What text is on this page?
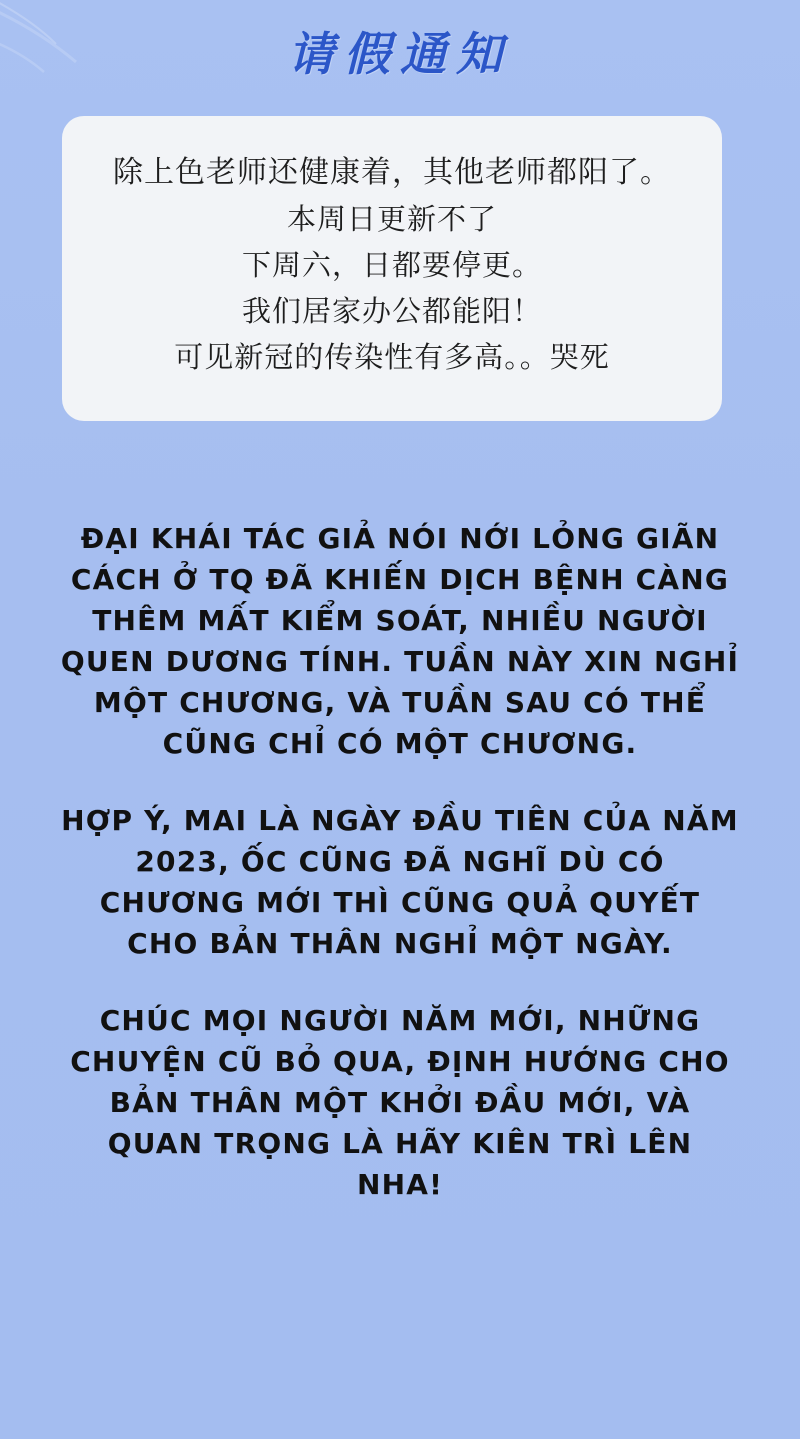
请假通知
除上色老师还健康着，其他老师都阳了。
本周日更新不了
下周六，日都要停更。
我们居家办公都能阳！
可见新冠的传染性有多高。。哭死
ĐẠI KHÁI TÁC GIẢ NÓI NỚI LỎNG GIÃN CÁCH Ở TQ ĐÃ KHIẾN DỊCH BỆNH CÀNG THÊM MẤT KIỂM SOÁT, NHIỀU NGƯỜI QUEN DƯƠNG TÍNH. TUẦN NÀY XIN NGHỈ MỘT CHƯƠNG, VÀ TUẦN SAU CÓ THỂ CŨNG CHỈ CÓ MỘT CHƯƠNG.
HỢP Ý, MAI LÀ NGÀY ĐẦU TIÊN CỦA NĂM 2023, ỐC CŨNG ĐÃ NGHĨ DÙ CÓ CHƯƠNG MỚI THÌ CŨNG QUẢ QUYẾT CHO BẢN THÂN NGHỈ MỘT NGÀY.
CHÚC MỌI NGƯỜI NĂM MỚI, NHỮNG CHUYỆN CŨ BỎ QUA, ĐỊNH HƯỚNG CHO BẢN THÂN MỘT KHỞI ĐẦU MỚI, VÀ QUAN TRỌNG LÀ HÃY KIÊN TRÌ LÊN NHA!
